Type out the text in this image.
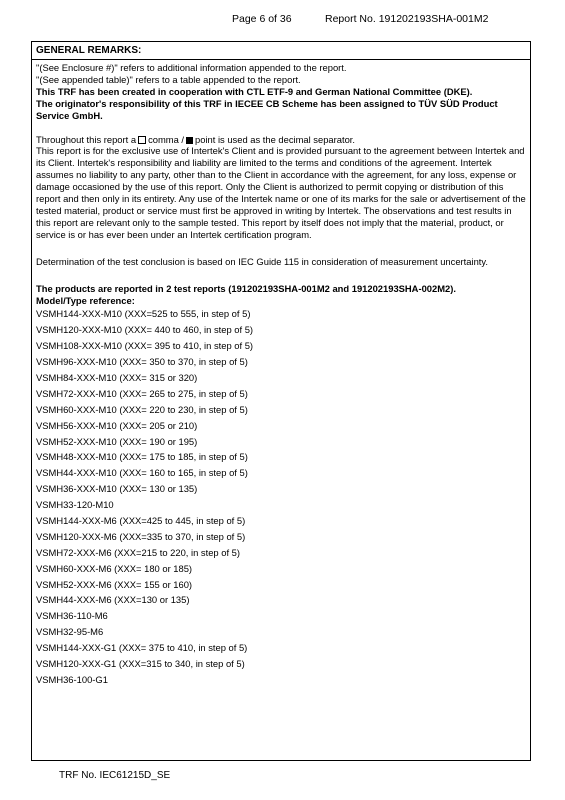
Page 6 of 36	Report No. 191202193SHA-001M2
GENERAL REMARKS:

"(See Enclosure #)" refers to additional information appended to the report.

"(See appended table)" refers to a table appended to the report.

This TRF has been created in cooperation with CTL ETF-9 and German National Committee (DKE).

The originator's responsibility of this TRF in IECEE CB Scheme has been assigned to TÜV SÜD Product Service GmbH.

Throughout this report a comma / point is used as the decimal separator.

This report is for the exclusive use of Intertek's Client and is provided pursuant to the agreement between Intertek and its Client. Intertek's responsibility and liability are limited to the terms and conditions of the agreement. Intertek assumes no liability to any party, other than to the Client in accordance with the agreement, for any loss, expense or damage occasioned by the use of this report. Only the Client is authorized to permit copying or distribution of this report and then only in its entirety. Any use of the Intertek name or one of its marks for the sale or advertisement of the tested material, product or service must first be approved in writing by Intertek. The observations and test results in this report are relevant only to the sample tested. This report by itself does not imply that the material, product, or service is or has ever been under an Intertek certification program.

Determination of the test conclusion is based on IEC Guide 115 in consideration of measurement uncertainty.

The products are reported in 2 test reports (191202193SHA-001M2 and 191202193SHA-002M2).

Model/Type reference:

VSMH144-XXX-M10 (XXX=525 to 555, in step of 5)
VSMH120-XXX-M10 (XXX= 440 to 460, in step of 5)
VSMH108-XXX-M10 (XXX= 395 to 410, in step of 5)
VSMH96-XXX-M10 (XXX= 350 to 370, in step of 5)
VSMH84-XXX-M10 (XXX= 315 or 320)
VSMH72-XXX-M10 (XXX= 265 to 275, in step of 5)
VSMH60-XXX-M10 (XXX= 220 to 230, in step of 5)
VSMH56-XXX-M10 (XXX= 205 or 210)
VSMH52-XXX-M10 (XXX= 190 or 195)
VSMH48-XXX-M10 (XXX= 175 to 185, in step of 5)
VSMH44-XXX-M10 (XXX= 160 to 165, in step of 5)
VSMH36-XXX-M10 (XXX= 130 or 135)
VSMH33-120-M10
VSMH144-XXX-M6 (XXX=425 to 445, in step of 5)
VSMH120-XXX-M6 (XXX=335 to 370, in step of 5)
VSMH72-XXX-M6 (XXX=215 to 220, in step of 5)
VSMH60-XXX-M6 (XXX= 180 or 185)
VSMH52-XXX-M6 (XXX= 155 or 160)
VSMH44-XXX-M6 (XXX=130 or 135)
VSMH36-110-M6
VSMH32-95-M6
VSMH144-XXX-G1 (XXX= 375 to 410, in step of 5)
VSMH120-XXX-G1 (XXX=315 to 340, in step of 5)
VSMH36-100-G1
TRF No. IEC61215D_SE
